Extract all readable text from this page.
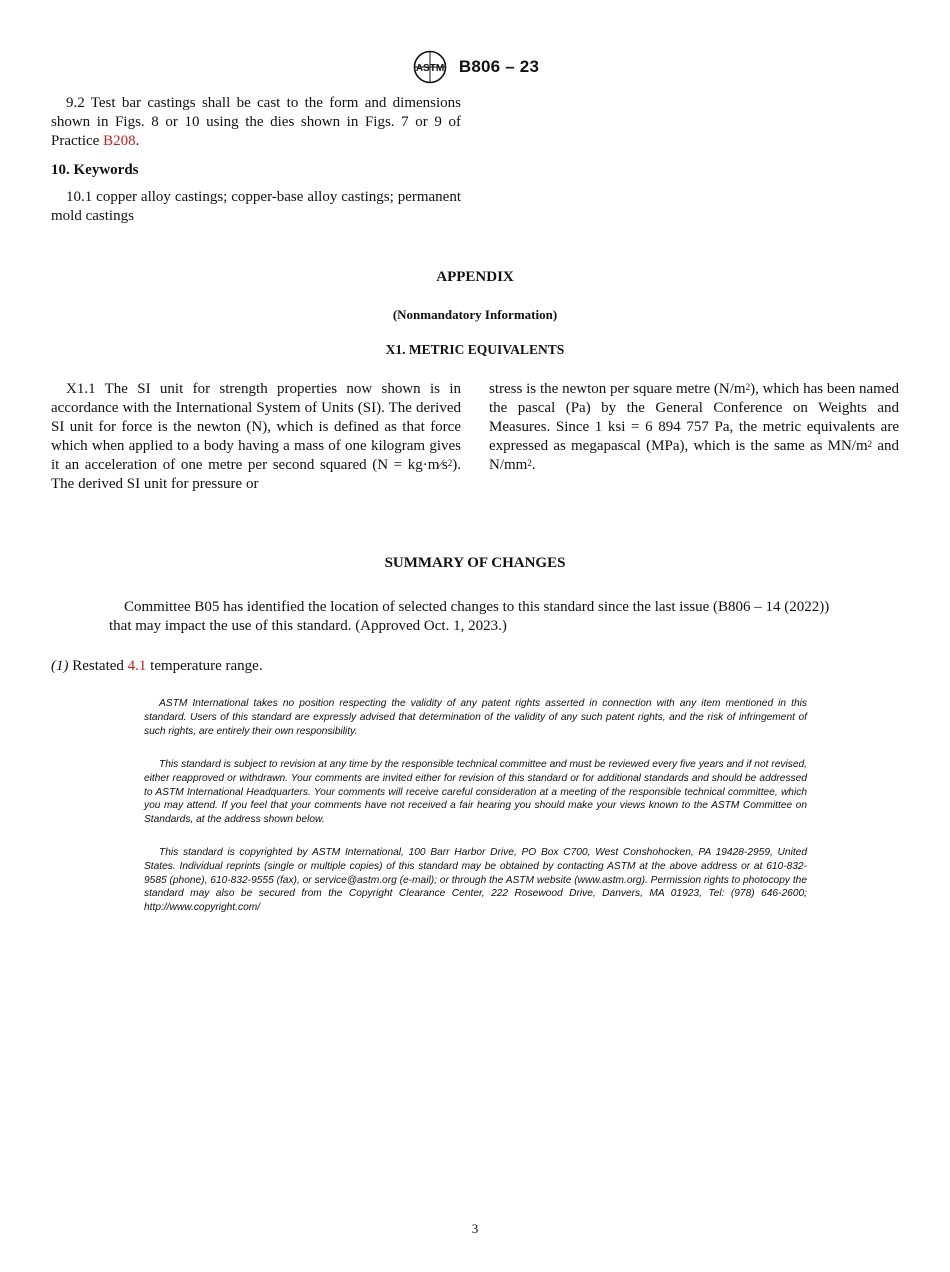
ASTM B806 – 23
9.2 Test bar castings shall be cast to the form and dimensions shown in Figs. 8 or 10 using the dies shown in Figs. 7 or 9 of Practice B208.
10. Keywords
10.1 copper alloy castings; copper-base alloy castings; permanent mold castings
APPENDIX
(Nonmandatory Information)
X1. METRIC EQUIVALENTS
X1.1 The SI unit for strength properties now shown is in accordance with the International System of Units (SI). The derived SI unit for force is the newton (N), which is defined as that force which when applied to a body having a mass of one kilogram gives it an acceleration of one metre per second squared $(N = kg\cdot m⁄s^2)$. The derived SI unit for pressure or
stress is the newton per square metre $(N/m^2)$, which has been named the pascal (Pa) by the General Conference on Weights and Measures. Since 1 ksi = 6 894 757 Pa, the metric equivalents are expressed as megapascal (MPa), which is the same as $MN/m^2$ and $N/mm^2$.
SUMMARY OF CHANGES
Committee B05 has identified the location of selected changes to this standard since the last issue (B806 – 14 (2022)) that may impact the use of this standard. (Approved Oct. 1, 2023.)
(1) Restated 4.1 temperature range.
ASTM International takes no position respecting the validity of any patent rights asserted in connection with any item mentioned in this standard. Users of this standard are expressly advised that determination of the validity of any such patent rights, and the risk of infringement of such rights, are entirely their own responsibility.
This standard is subject to revision at any time by the responsible technical committee and must be reviewed every five years and if not revised, either reapproved or withdrawn. Your comments are invited either for revision of this standard or for additional standards and should be addressed to ASTM International Headquarters. Your comments will receive careful consideration at a meeting of the responsible technical committee, which you may attend. If you feel that your comments have not received a fair hearing you should make your views known to the ASTM Committee on Standards, at the address shown below.
This standard is copyrighted by ASTM International, 100 Barr Harbor Drive, PO Box C700, West Conshohocken, PA 19428-2959, United States. Individual reprints (single or multiple copies) of this standard may be obtained by contacting ASTM at the above address or at 610-832-9585 (phone), 610-832-9555 (fax), or service@astm.org (e-mail); or through the ASTM website (www.astm.org). Permission rights to photocopy the standard may also be secured from the Copyright Clearance Center, 222 Rosewood Drive, Danvers, MA 01923, Tel: (978) 646-2600; http://www.copyright.com/
3
